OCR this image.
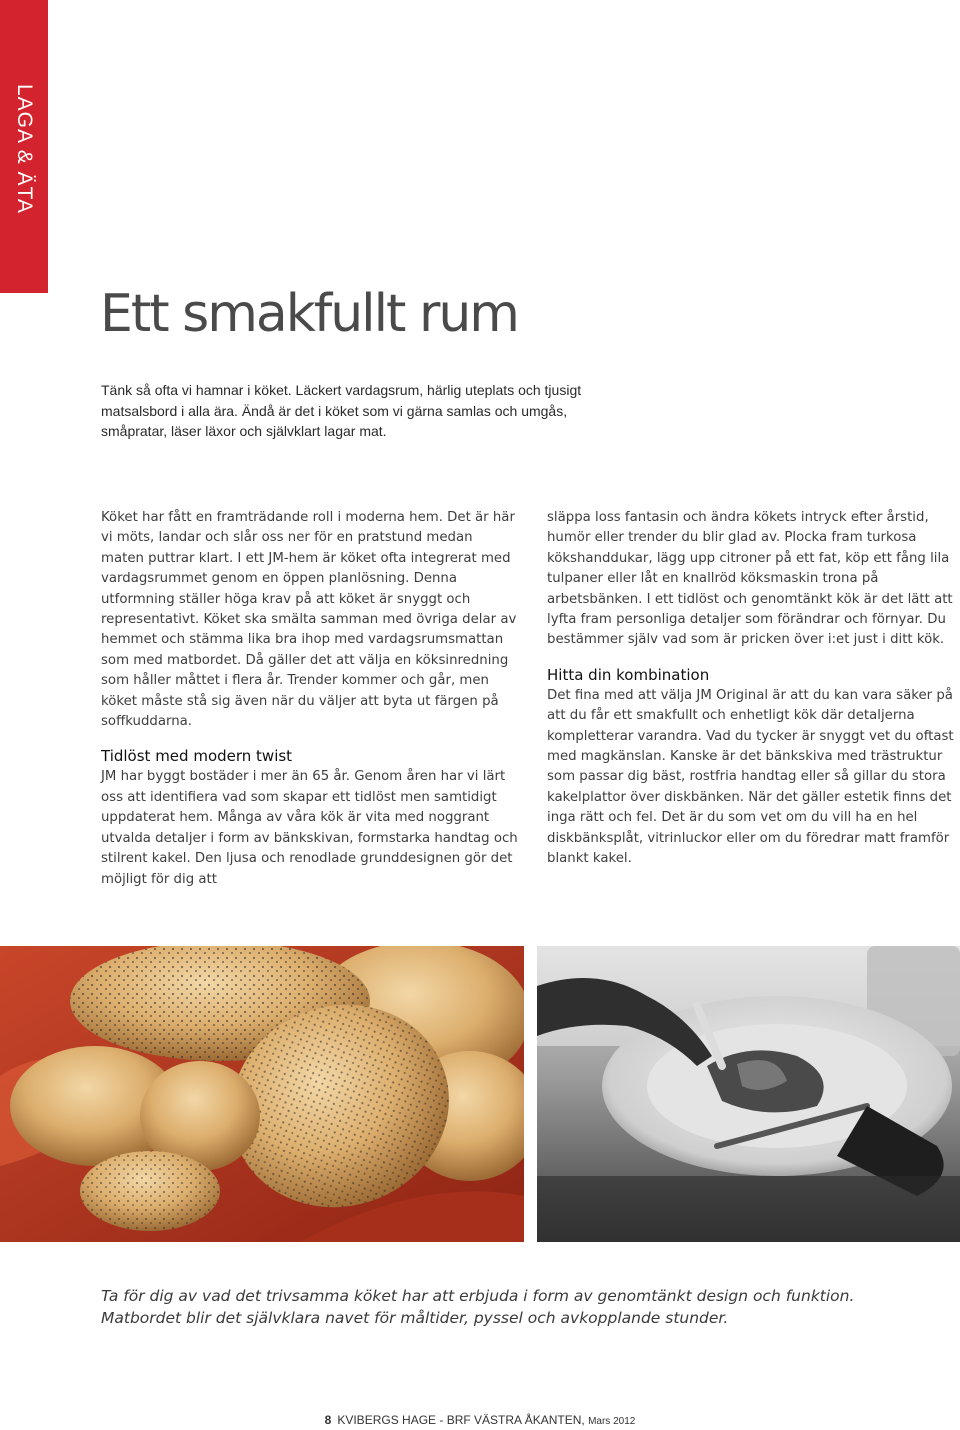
LAGA & ÄTA
Ett smakfullt rum
Tänk så ofta vi hamnar i köket. Läckert vardagsrum, härlig uteplats och tjusigt matsalsbord i alla ära. Ändå är det i köket som vi gärna samlas och umgås, småpratar, läser läxor och självklart lagar mat.

Köket har fått en framträdande roll i moderna hem. Det är här vi möts, landar och slår oss ner för en pratstund medan maten puttrar klart. I ett JM-hem är köket ofta integrerat med vardagsrummet genom en öppen planlösning. Denna utformning ställer höga krav på att köket är snyggt och representativt. Köket ska smälta samman med övriga delar av hemmet och stämma lika bra ihop med vardagsrumsmattan som med matbordet. Då gäller det att välja en köksinredning som håller måttet i flera år. Trender kommer och går, men köket måste stå sig även när du väljer att byta ut färgen på soffkuddarna.

Tidlöst med modern twist

JM har byggt bostäder i mer än 65 år. Genom åren har vi lärt oss att identifiera vad som skapar ett tidlöst men samtidigt uppdaterat hem. Många av våra kök är vita med noggrant utvalda detaljer i form av bänkskivan, formstarka handtag och stilrent kakel. Den ljusa och renodlade grunddesignen gör det möjligt för dig att

släppa loss fantasin och ändra kökets intryck efter årstid, humör eller trender du blir glad av. Plocka fram turkosa kökshanddukar, lägg upp citroner på ett fat, köp ett fång lila tulpaner eller låt en knallröd köksmaskin trona på arbetsbänken. I ett tidlöst och genomtänkt kök är det lätt att lyfta fram personliga detaljer som förändrar och förnyar. Du bestämmer själv vad som är pricken över i:et just i ditt kök.

Hitta din kombination

Det fina med att välja JM Original är att du kan vara säker på att du får ett smakfullt och enhetligt kök där detaljerna kompletterar varandra. Vad du tycker är snyggt vet du oftast med magkänslan. Kanske är det bänkskiva med trästruktur som passar dig bäst, rostfria handtag eller så gillar du stora kakelplattor över diskbänken. När det gäller estetik finns det inga rätt och fel. Det är du som vet om du vill ha en hel diskbänksplåt, vitrinluckor eller om du föredrar matt framför blankt kakel.

Ta för dig av vad det trivsamma köket har att erbjuda i form av genomtänkt design och funktion.

Matbordet blir det självklara navet för måltider, pyssel och avkopplande stunder.

8 KVIBERGS HAGE - BRF VÄSTRA ÅKANTEN, Mars 2012
